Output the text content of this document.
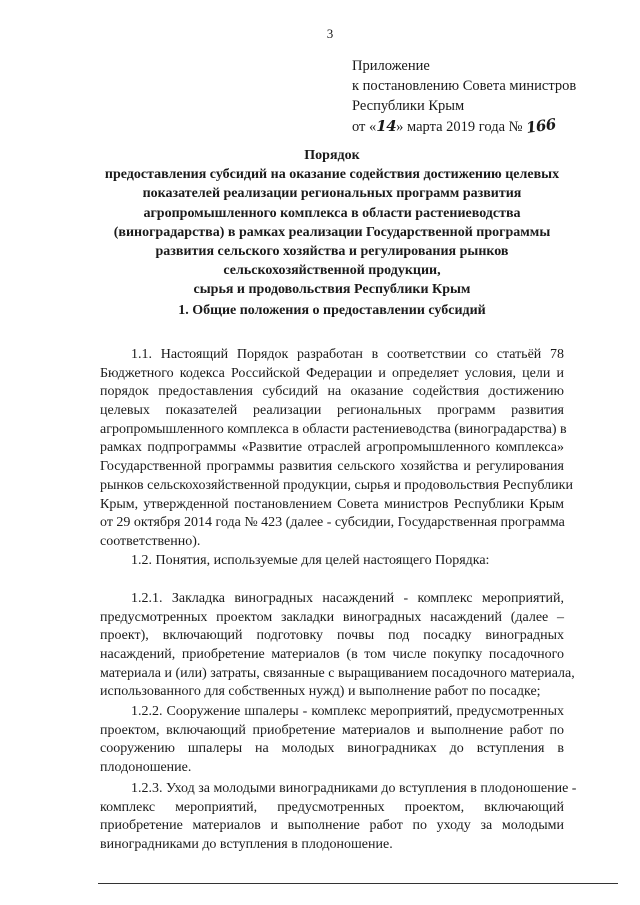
3
Приложение
к постановлению Совета министров
Республики Крым
от «14» марта 2019 года № 166
Порядок
предоставления субсидий на оказание содействия достижению целевых
показателей реализации региональных программ развития
агропромышленного комплекса в области растениеводства
(виноградарства) в рамках реализации Государственной программы
развития сельского хозяйства и регулирования рынков
сельскохозяйственной продукции,
сырья и продовольствия Республики Крым
1. Общие положения о предоставлении субсидий
1.1. Настоящий Порядок разработан в соответствии со статьёй 78
Бюджетного кодекса Российской Федерации и определяет условия, цели и
порядок предоставления субсидий на оказание содействия достижению
целевых показателей реализации региональных программ развития
агропромышленного комплекса в области растениеводства (виноградарства) в
рамках подпрограммы «Развитие отраслей агропромышленного комплекса»
Государственной программы развития сельского хозяйства и регулирования
рынков сельскохозяйственной продукции, сырья и продовольствия Республики
Крым, утвержденной постановлением Совета министров Республики Крым
от 29 октября 2014 года № 423 (далее - субсидии, Государственная программа
соответственно).
1.2. Понятия, используемые для целей настоящего Порядка:
1.2.1. Закладка виноградных насаждений - комплекс мероприятий,
предусмотренных проектом закладки виноградных насаждений (далее –
проект), включающий подготовку почвы под посадку виноградных
насаждений, приобретение материалов (в том числе покупку посадочного
материала и (или) затраты, связанные с выращиванием посадочного материала,
использованного для собственных нужд) и выполнение работ по посадке;
1.2.2. Сооружение шпалеры - комплекс мероприятий, предусмотренных
проектом, включающий приобретение материалов и выполнение работ по
сооружению шпалеры на молодых виноградниках до вступления в
плодоношение.
1.2.3. Уход за молодыми виноградниками до вступления в плодоношение -
комплекс мероприятий, предусмотренных проектом, включающий
приобретение материалов и выполнение работ по уходу за молодыми
виноградниками до вступления в плодоношение.
